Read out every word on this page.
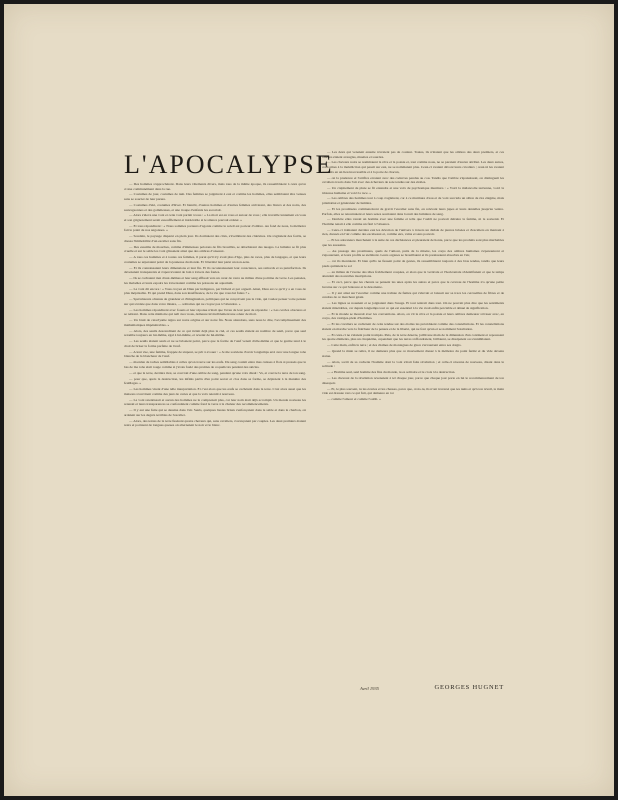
L'APOCALYPSE

— Des hommes s'approchèrent. Dans leurs vêtements divers, mais tous de la même époque, ils ressemblaient à ceux qu'on croise communément dans la rue.

— Costumes de jour, costumes de nuit. Des femmes se joignirent à eux et comme les hommes, elles semblaient être venues sans se soucier de leur parure.

— Costumes d'été, costumes d'hiver. Et bientôt, d'autres hommes et d'autres femmes arrivèrent, des blancs et des noirs, des sauvageonnes et des gommeuses, et une troupe d'enfants les escortait.

— Alors s'éleva une voix et cette voix parlait à tous : « La mort est en vous et autour de vous ; elle travaille lentement en vous et son grignotement serait essoufflement et intolérable si le silence pouvait exister. »

— Et tous répondirent : « Nous sommes porteurs d'agonie comme le soleil est porteur d'ombre. Au fond de nous, la mémoire fait le point de nos angoisses. »

— Soudain, le paysage disparut en plein jour. Ils dormaient des cités, s'éveillèrent des clairières. Ou s'agitaient des forêts, se dressa l'immobilité d'un escalier sans fin.

— Des essaims de mouches, comme d'immenses pelotons de fils brouillés, se détachèrent des nuages. La lumière se fit plus cruelle et sur le sable les voix glissaient ainsi que des ombres d'oiseaux.

— A tous ces hommes et à toutes ces femmes, il parut qu'il n'y avait plus d'âge, plus de races, plus de langages, et que leurs costumes se séparaient point de la jeunesse du monde. Et l'éternité leur parut un non-sens.

— Et ils connaissaient leurs dimensions et leur fin. Et ils reconnaissaient leur conscience, ses remords et sa putréfaction. Ils devenaient transparents et s'apercevaient de loin à travers des foules.

— Ils se cachaient rien d'eux-mêmes et leur sang affluait vers un cœur de verre au milieu d'une poitrine de verre. Les pensées, les maladies et leurs espoirs les traversaient comme les poissons un aquarium.

— La voix dit encore : « Vous croyez en Dieu par indigence, par lâcheté et par orgueil. Ainsi, Dieu est ce qu'il y a en vous de plus méprisable. Et qui prend Dieu, dans son insuffisance, de la vie que vous lui faites ? »

— Spéculateurs obtenus de grandeur et d'imagination, politiques qui ne conçoivent pas le vide, qui voulez penser votre pensée sur qui s'existe que dans votre misère, — solitaires qui ne croyez pas à l'abandon. »

— Les hommes répondirent avec fouets et leur réponse n'était que l'aveu de leur peur de répondre : « Les cercles obscures et se retirent. Dans cette mémoire qui naît avec nous, demeure invinciblement une odeur de mort.

— Un bruit de cataclysme régna sur notre origine et sur notre fin. Nous attendons, sans nous le dire, l'accomplissement des mathématiques impénétrables. »

— Alors, des seuils descendirent de ce qui n'était déjà plus le ciel, et ces seuils étaient en nombre de seuil, parce que seul retombe toujours en lui-même, égal à lui-même, et revenir de lui-même.

— Les seuils étaient seuls et ne se brisaient point, parce que la forme de l'œuf venait d'elle-même et que le germe tend à le droit de briser la forme parfaite de l'œuf.

— A leur vue, une femme, frappée de stupeur, se prit à avouer : « Je me souviens d'avoir longtemps erré avec une longue robe blanche de la blancheur de l'œuf.

— maculée de taches semblables à celles qu'on trouve sur les œufs. Du sang coulait entre mes cuisses à flots si pressés que le bas de ma robe était rouge comme si j'avais foulé des prairies de coquelicots pendant des siècles.

— et que la terre, derrière moi, se couvrait d'une ombre de sang, pendant qu'une voix disait : Va, et couvre la terre de ton sang.

— pour que, après la destruction, les infinis partis d'un point secret et clos dans sa forme, se déploient à la manière des feuillages. »

— Les hommes virent d'une telle interprétation. Et c'est alors que les œufs se cachèrent dans la terre. C'est alors aussi que les maisons s'ouvrirent comme des jeux de cartes et que la voix retentit à nouveau.

— La voix retentissait et aucun des hommes ne la comprenait plus, car leur nom était déjà accompli. Un monde nouveau les retenait et leurs transparences se confondaient comme fond le verre à la chaleur des recommencements.

— Il y eut une fuite qui se dessina dans l'air. Seuls, quelques bustes brisés s'enfonçaient dans le sable et dans le charbon, où ardaient sur les degrés terribles de l'escalier.

— Alors, des textes de la terre fusèrent quatre cheveux qui, sans cavaliers, s'avançaient par couples. Les deux premiers étaient noirs et portaient de longues queues où alternaient le noir et le blanc.

— Les deux qui venaient ensuite n'avaient pas de couleur. Toutes, ils n'étaient que les ombres des deux premiers, et ces ombres étaient aveugles, muettes et sourdes.

— Les chevaux noirs se nommaient la rêve et la poésie et, tout comme nous, ne se paraient d'aucun attribut. Les deux autres, conformes à la malédiction qui pesait sur eux, ne se nommaient plus. Ceux-ci avaient dévoré leurs cavaliers ; ceux-là les avaient conduits en un lieu inaccessible et à la porte de chacun,

— où la prudence et l'artifice erraient avec des cadavres pendus au cou. Tandis que l'ombre s'épaississait, on distinguait les cavaliers tracés dans l'air avec des échevaux de soie tendus sur des étoiles.

— Un crépitement de pluie se fit entendre et une voix de psychonique murmura : « Voici la mélancolie terrienne, voici la tristesse humaine et voici la race. »

— Les ombres des hommes tout à coup s'agitèrent, car à ce murmure d'eau et de voix succéda un sillon de rire énigme, mais prismatisé et générateur de lumière.

— Et les prostituées commencèrent de gravir l'escalier sans fin, en relevant leurs jupes et leurs dentelles jusqu'au ventre. Parfois, elles se retournaient et leurs sexes souriaient dans la nuit des lumières de sang.

— Derrière elles venait un homme avec une femme et telle que l'oubli ne pouvait détruire la femme, ni le souvenir. Et l'homme tenait à elle comme un fiœl à l'absence.

— Ceux-ci traînaient derrière eux les dévotion de l'univers à travers un dédale de pierres brisées et d'escaliers en marnant à rien, dressés en l'air comme des escabeaux et, comme eux, vains et sans pouvoir.

— Et les adorateurs marchaient à la suite de ces déchéances et pleuraient de honte, parce que les produits sont plus méchables que les assassins.

— Au passage des prostituées, quels de l'amour, puits de la misère, les corps des ombres humaines s'épanouirent et s'épousèrent, et leurs profils se stellèrent. Leurs organes se brouillaient et ils paraissaient absorbés en l'air,

— car ils montaient. Et bien qu'ils ne fussent point de gestes, ils ressemblaient toujours à des bras tendus, tandis que leurs pieds quittaient le sol

— au milieu de l'averse des têtes fraîchement coupées, et alors que la verticale et l'horizontale s'identifiaient et que le temps attendait des nouvelles inscriptions.

— Et ceci, parce que les chœurs se pensent les unes après les autres et parce que le cerveau de l'homme n'a qu'une petite lucarne sur ce qui l'entoure et le désoriente.

— Il y eut ainsi sur l'escalier comme une traînée de fumée qui s'élevait et laissait sur sa trace les cercueilles de fibres et de cendres de ce marcheur géant.

— Les lignes se nouaient et se joignaient dans l'usage. Et tout rentrait dans tout. On ne pouvait plus dire que les sentiments étaient misérables, car depuis longtemps tout ce qui est essentiel à la vie avait enfin perciable et dénué de signification.

— Et le monde se mourait avec les conventions. Alors, on vit le rêve et la poésie et leurs ombres demeurer s'évaser avec, en corps, des vestiges-plein d'hommes.

— Et les cavaliers se cachèrent de cette tendue sur des étoiles les précédaient comme des constellations. Et les constellations étaient en marche vers la fraîcheur de la pensée et de la liberté, qui ne font qu'un et se nomment l'exaltation.

— Et ceux-ci ne s'étaient point trompés. Puis, de la terre déserte, jaillit une main de la dimension d'un continent et repoussant les quatre éléments, plus un cinquième, cependant que les terres s'effondraient, brillaient, se dissipaient ou s'annihilaient.

— Cette main, enfin la terre ; et des chaînes de montagnes de glace s'écrasèrent entre ses doigts.

— Quand la main se retira, il ne demeura plus que ce mouvement dressé à la mémoire du point fermé et du vide devenu statue.

— Alors, sortit de sa cachette l'homme dont la voix s'était faite révélation ; et celle-ci résonna de nouveau, disant dans le solitude :

— « Homme seul, seul homme des fins du monde, tu es solitaire et tu crois à la destruction.

— Les cheveux de la révélation revenaient à tel chaque jour, parce que chaque jour porte en lui le recommencement de ton désespoir.

— Et, le plus souvent, tu les écartes et les chasses, parce que, crois-tu, ils n'ont traversé que tes nuits et qu'à ton réveil, ta main vide est dressée vers ce qui fuit, qui demeure en toi

— comme l'amour et comme l'oubli. »

Avril 1935	GEORGES HUGNET
